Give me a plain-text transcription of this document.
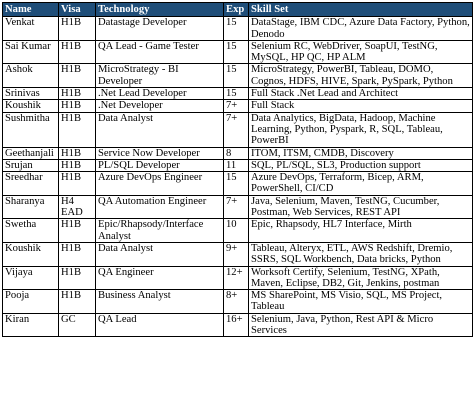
Name	Visa	Technology	Exp	Skill Set
Venkat	H1B	Datastage Developer	15	DataStage, IBM CDC, Azure Data Factory, Python, Denodo
Sai Kumar	H1B	QA Lead - Game Tester	15	Selenium RC, WebDriver, SoapUI, TestNG, MySQL, HP QC, HP ALM
Ashok	H1B	MicroStrategy - BI Developer	15	MicroStrategy, PowerBI, Tableau, DOMO, Cognos, HDFS, HIVE, Spark, PySpark, Python
Srinivas	H1B	.Net Lead Developer	15	Full Stack .Net Lead and Architect
Koushik	H1B	.Net Developer	7+	Full Stack
Sushmitha	H1B	Data Analyst	7+	Data Analytics, BigData, Hadoop, Machine Learning, Python, Pyspark, R, SQL, Tableau, PowerBI
Geethanjali	H1B	Service Now Developer	8	ITOM, ITSM, CMDB, Discovery
Srujan	H1B	PL/SQL Developer	11	SQL, PL/SQL, SL3, Production support
Sreedhar	H1B	Azure DevOps Engineer	15	Azure DevOps, Terraform, Bicep, ARM, PowerShell, CI/CD
Sharanya	H4 EAD	QA Automation Engineer	7+	Java, Selenium, Maven, TestNG, Cucumber, Postman, Web Services, REST API
Swetha	H1B	Epic/Rhapsody/Interface Analyst	10	Epic, Rhapsody, HL7 Interface, Mirth
Koushik	H1B	Data Analyst	9+	Tableau, Alteryx, ETL, AWS Redshift, Dremio, SSRS, SQL Workbench, Data bricks, Python
Vijaya	H1B	QA Engineer	12+	Worksoft Certify, Selenium, TestNG, XPath, Maven, Eclipse, DB2, Git, Jenkins, postman
Pooja	H1B	Business Analyst	8+	MS SharePoint, MS Visio, SQL, MS Project, Tableau
Kiran	GC	QA Lead	16+	Selenium, Java, Python, Rest API & Micro Services
